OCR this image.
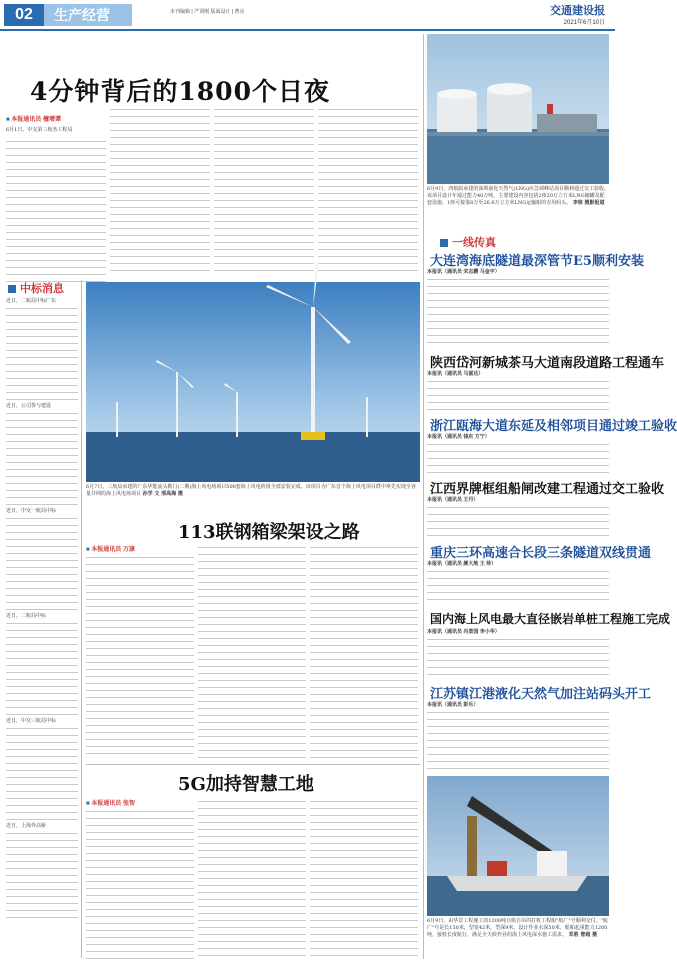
02	生产经营	本刊编辑 | 严训刚 版面设计 | 曹亮	交通建设报
2021年6月10日
4分钟背后的1800个日夜
■ 本报通讯员 檀增谭
6月1日，中交第三航务工程局
6月9日，四航院承建的深圳液化天然气(LNG)应急调峰站项目顺利通过交工验收。该项目设计年通过能力40万吨，主要建设内容包括2座20万立方米LNG储罐及配套设施、1座可接靠8万至26.6万立方米LNG运输船的专用码头。 李琼 摄影报道
一线传真
大连湾海底隧道最深管节E5顺利安装
本报讯（通讯员 宋志鹏 马金宇）
陕西岱河新城茶马大道南段道路工程通车
本报讯（通讯员 马富达）
浙江瓯海大道东延及相邻项目通过竣工验收
本报讯（通讯员 钱东 方宁）
江西界牌框组船闸改建工程通过交工验收
本报讯（通讯员 王丹）
重庆三环高速合长段三条隧道双线贯通
本报讯（通讯员 颜大地 王 珍）
国内海上风电最大直径嵌岩单桩工程施工完成
本报讯（通讯员 冯景园 李小华）
江苏镇江港液化天然气加注站码头开工
本报讯（通讯员 彭乐）
6月9日，由华景工程施工的1200吨自航自吊的打桩工程船"航广"号顺利交付。"航广"号是长150米，型宽42米，型深9米，设计作业水深50米，船舶起重能力1200吨，接桩长度航行，满足全天候作业的海上风电深水施工需求。 邓胜 曾超 摄
中标消息
近日，二航局中标广东
近日，公司参与建设
近日，中交一航局中标
近日，二航局中标
近日，中交三航局中标
近日，上海外高桥
6月7日，三航局承建的广东华能汕头勒门(二期)海上风电场项目500套海上风电机组全部安装完成。该项目为广东首个海上风电项目群中率先实现全容量并网的海上风电场项目 孙学 文 邢高海 摄
113联钢箱梁架设之路
■ 本报通讯员 万康
5G加持智慧工地
■ 本报通讯员 张智
